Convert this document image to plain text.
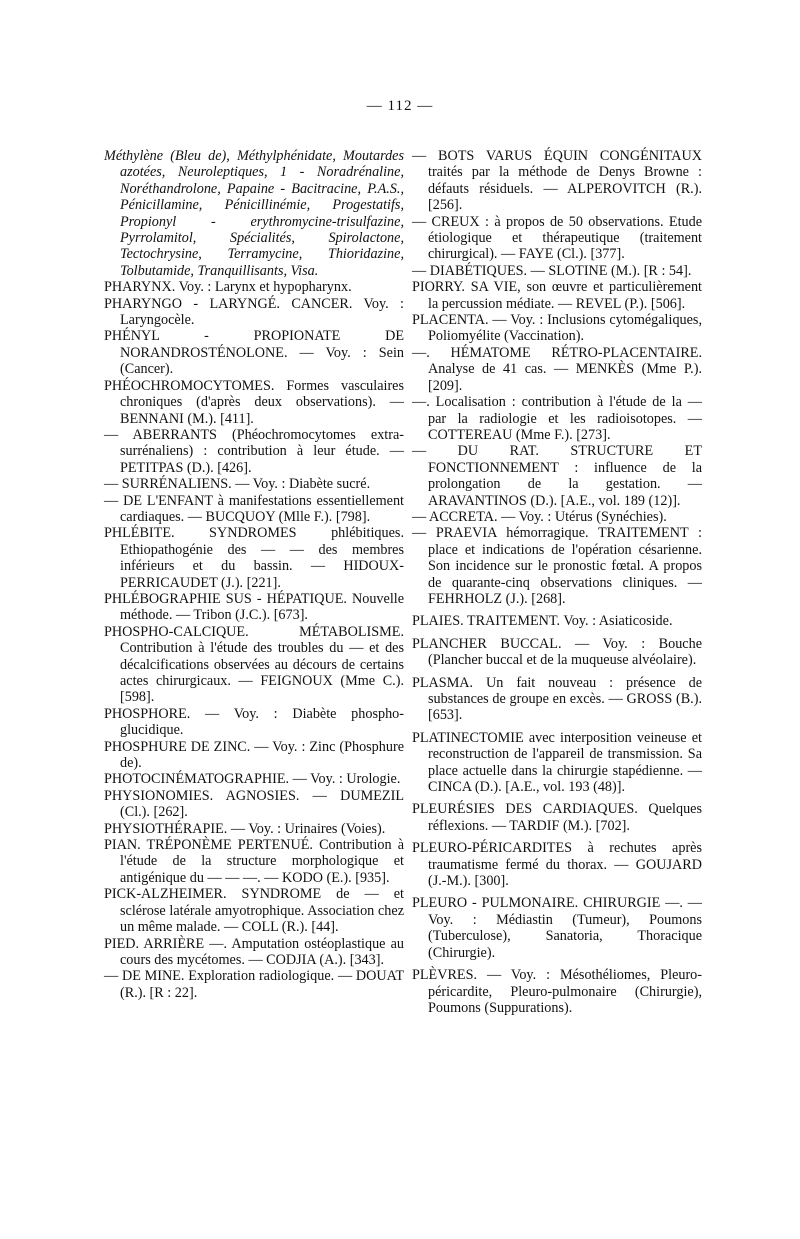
— 112 —

Méthylène (Bleu de), Méthylphénidate, Moutardes azotées, Neuroleptiques, 1 - Noradrénaline, Noréthandrolone, Papaine - Bacitracine, P.A.S., Pénicillamine, Pénicillinémie, Progestatifs, Propionyl - erythromycine-trisulfazine, Pyrrolamitol, Spécialités, Spirolactone, Tectochrysine, Terramycine, Thioridazine, Tolbutamide, Tranquillisants, Visa.

PHARYNX. Voy. : Larynx et hypopharynx.

PHARYNGO - LARYNGÉ. CANCER. Voy. : Laryngocèle.

PHÉNYL - PROPIONATE DE NORANDROSTÉNOLONE. — Voy. : Sein (Cancer).

PHÉOCHROMOCYTOMES. Formes vasculaires chroniques (d'après deux observations). — BENNANI (M.). [411].

— ABERRANTS (Phéochromocytomes extra-surrénaliens) : contribution à leur étude. — PETITPAS (D.). [426].

— SURRÉNALIENS. — Voy. : Diabète sucré.

— DE L'ENFANT à manifestations essentiellement cardiaques. — BUCQUOY (Mlle F.). [798].

PHLÉBITE. SYNDROMES phlébitiques. Ethiopathogénie des — — des membres inférieurs et du bassin. — HIDOUX-PERRICAUDET (J.). [221].

PHLÉBOGRAPHIE SUS - HÉPATIQUE. Nouvelle méthode. — Tribon (J.C.). [673].

PHOSPHO-CALCIQUE. MÉTABOLISME. Contribution à l'étude des troubles du — et des décalcifications observées au décours de certains actes chirurgicaux. — FEIGNOUX (Mme C.). [598].

PHOSPHORE. — Voy. : Diabète phospho-glucidique.

PHOSPHURE DE ZINC. — Voy. : Zinc (Phosphure de).

PHOTOCINÉMATOGRAPHIE. — Voy. : Urologie.

PHYSIONOMIES. AGNOSIES. — DUMEZIL (Cl.). [262].

PHYSIOTHÉRAPIE. — Voy. : Urinaires (Voies).

PIAN. TRÉPONÈME PERTENUÉ. Contribution à l'étude de la structure morphologique et antigénique du — — —. — KODO (E.). [935].

PICK-ALZHEIMER. SYNDROME de — et sclérose latérale amyotrophique. Association chez un même malade. — COLL (R.). [44].

PIED. ARRIÈRE —. Amputation ostéoplastique au cours des mycétomes. — CODJIA (A.). [343].

— DE MINE. Exploration radiologique. — DOUAT (R.). [R : 22].

— BOTS VARUS ÉQUIN CONGÉNITAUX traités par la méthode de Denys Browne : défauts résiduels. — ALPEROVITCH (R.). [256].

— CREUX : à propos de 50 observations. Etude étiologique et thérapeutique (traitement chirurgical). — FAYE (Cl.). [377].

— DIABÉTIQUES. — SLOTINE (M.). [R : 54].

PIORRY. SA VIE, son œuvre et particulièrement la percussion médiate. — REVEL (P.). [506].

PLACENTA. — Voy. : Inclusions cytomégaliques, Poliomyélite (Vaccination).

—. HÉMATOME RÉTRO-PLACENTAIRE. Analyse de 41 cas. — MENKÈS (Mme P.). [209].

—. Localisation : contribution à l'étude de la — par la radiologie et les radioisotopes. — COTTEREAU (Mme F.). [273].

— DU RAT. STRUCTURE ET FONCTIONNEMENT : influence de la prolongation de la gestation. — ARAVANTINOS (D.). [A.E., vol. 189 (12)].

— ACCRETA. — Voy. : Utérus (Synéchies).

— PRAEVIA hémorragique. TRAITEMENT : place et indications de l'opération césarienne. Son incidence sur le pronostic fœtal. A propos de quarante-cinq observations cliniques. — FEHRHOLZ (J.). [268].

PLAIES. TRAITEMENT. Voy. : Asiaticoside.

PLANCHER BUCCAL. — Voy. : Bouche (Plancher buccal et de la muqueuse alvéolaire).

PLASMA. Un fait nouveau : présence de substances de groupe en excès. — GROSS (B.). [653].

PLATINECTOMIE avec interposition veineuse et reconstruction de l'appareil de transmission. Sa place actuelle dans la chirurgie stapédienne. — CINCA (D.). [A.E., vol. 193 (48)].

PLEURÉSIES DES CARDIAQUES. Quelques réflexions. — TARDIF (M.). [702].

PLEURO-PÉRICARDITES à rechutes après traumatisme fermé du thorax. — GOUJARD (J.-M.). [300].

PLEURO - PULMONAIRE. CHIRURGIE —. — Voy. : Médiastin (Tumeur), Poumons (Tuberculose), Sanatoria, Thoracique (Chirurgie).

PLÈVRES. — Voy. : Mésothéliomes, Pleuro-péricardite, Pleuro-pulmonaire (Chirurgie), Poumons (Suppurations).
